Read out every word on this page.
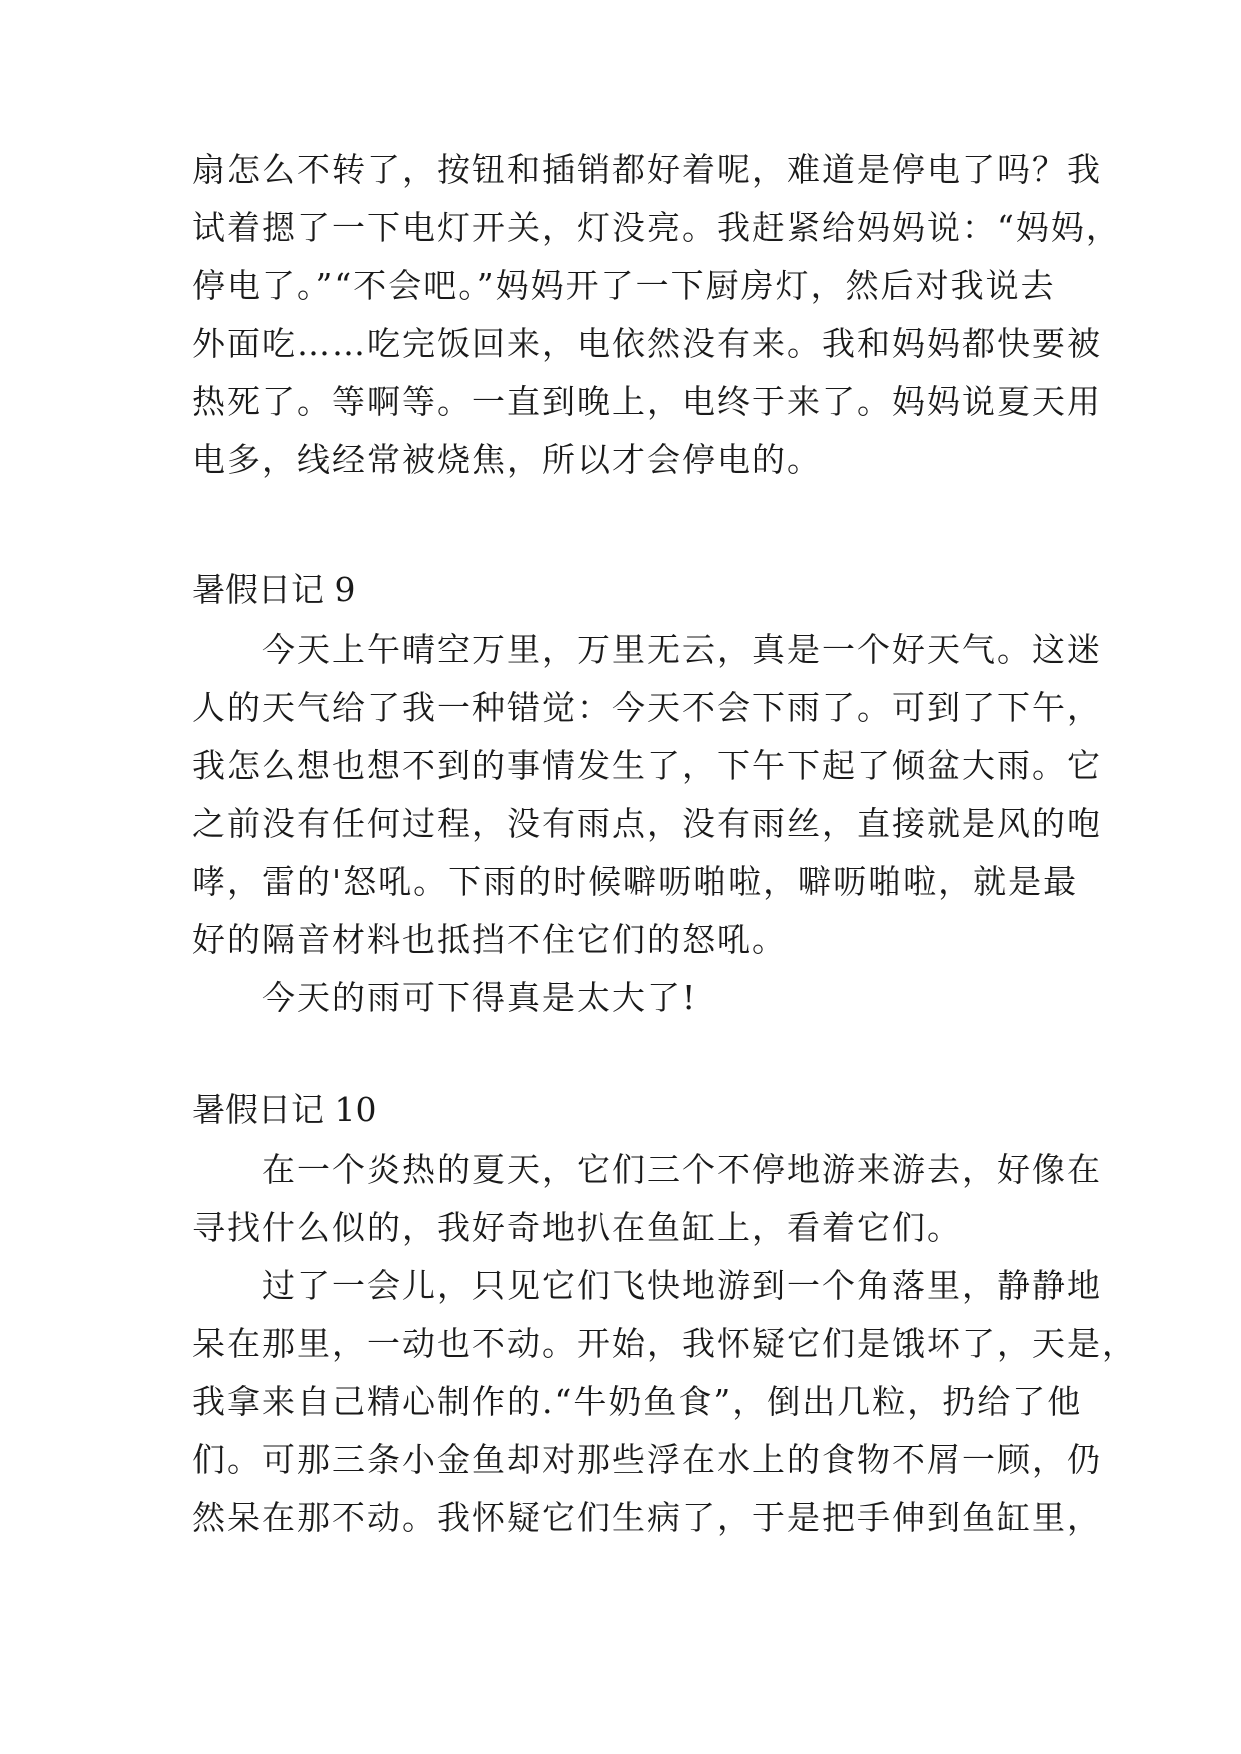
扇怎么不转了，按钮和插销都好着呢，难道是停电了吗？我
试着摁了一下电灯开关，灯没亮。我赶紧给妈妈说：“妈妈，
停电了。”“不会吧。”妈妈开了一下厨房灯，然后对我说去
外面吃……吃完饭回来，电依然没有来。我和妈妈都快要被
热死了。等啊等。一直到晚上，电终于来了。妈妈说夏天用
电多，线经常被烧焦，所以才会停电的。
暑假日记 9
　　今天上午晴空万里，万里无云，真是一个好天气。这迷
人的天气给了我一种错觉：今天不会下雨了。可到了下午，
我怎么想也想不到的事情发生了，下午下起了倾盆大雨。它
之前没有任何过程，没有雨点，没有雨丝，直接就是风的咆
哮，雷的'怒吼。下雨的时候噼呖啪啦，噼呖啪啦，就是最
好的隔音材料也抵挡不住它们的怒吼。
　　今天的雨可下得真是太大了!
暑假日记 10
　　在一个炎热的夏天，它们三个不停地游来游去，好像在
寻找什么似的，我好奇地扒在鱼缸上，看着它们。
　　过了一会儿，只见它们飞快地游到一个角落里，静静地
呆在那里，一动也不动。开始，我怀疑它们是饿坏了，天是，
我拿来自己精心制作的.“牛奶鱼食”，倒出几粒，扔给了他
们。可那三条小金鱼却对那些浮在水上的食物不屑一顾，仍
然呆在那不动。我怀疑它们生病了，于是把手伸到鱼缸里，
